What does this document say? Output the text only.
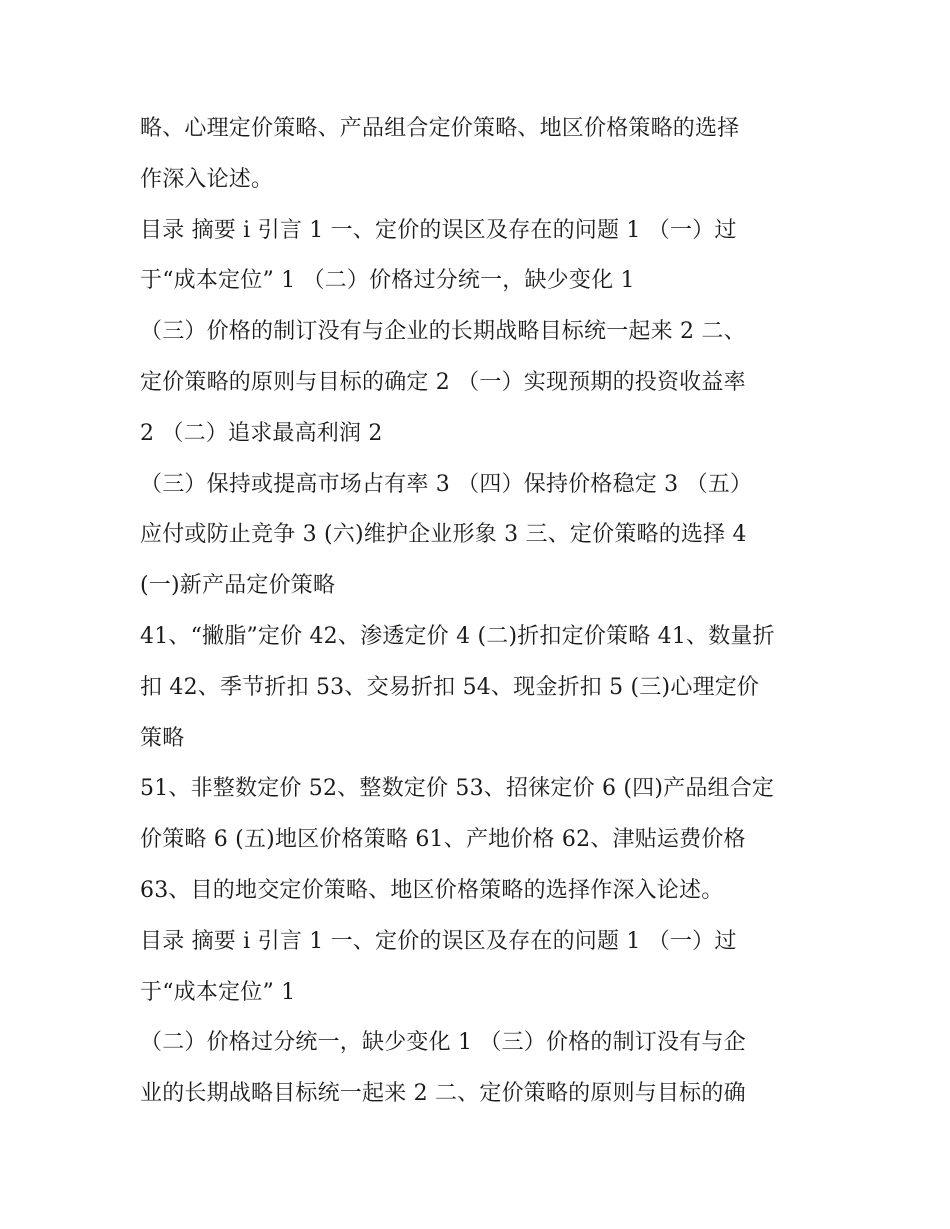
略、心理定价策略、产品组合定价策略、地区价格策略的选择
作深入论述。
目录 摘要 i 引言 1 一、定价的误区及存在的问题 1 （一）过
于“成本定位” 1 （二）价格过分统一，缺少变化 1
（三）价格的制订没有与企业的长期战略目标统一起来 2 二、
定价策略的原则与目标的确定 2 （一）实现预期的投资收益率
2 （二）追求最高利润 2
（三）保持或提高市场占有率 3 （四）保持价格稳定 3 （五）
应付或防止竞争 3 (六)维护企业形象 3 三、定价策略的选择 4
(一)新产品定价策略
41、“撇脂”定价 42、渗透定价 4 (二)折扣定价策略 41、数量折
扣 42、季节折扣 53、交易折扣 54、现金折扣 5 (三)心理定价
策略
51、非整数定价 52、整数定价 53、招徕定价 6 (四)产品组合定
价策略 6 (五)地区价格策略 61、产地价格 62、津贴运费价格
63、目的地交定价策略、地区价格策略的选择作深入论述。
目录 摘要 i 引言 1 一、定价的误区及存在的问题 1 （一）过
于“成本定位” 1
（二）价格过分统一，缺少变化 1 （三）价格的制订没有与企
业的长期战略目标统一起来 2 二、定价策略的原则与目标的确
